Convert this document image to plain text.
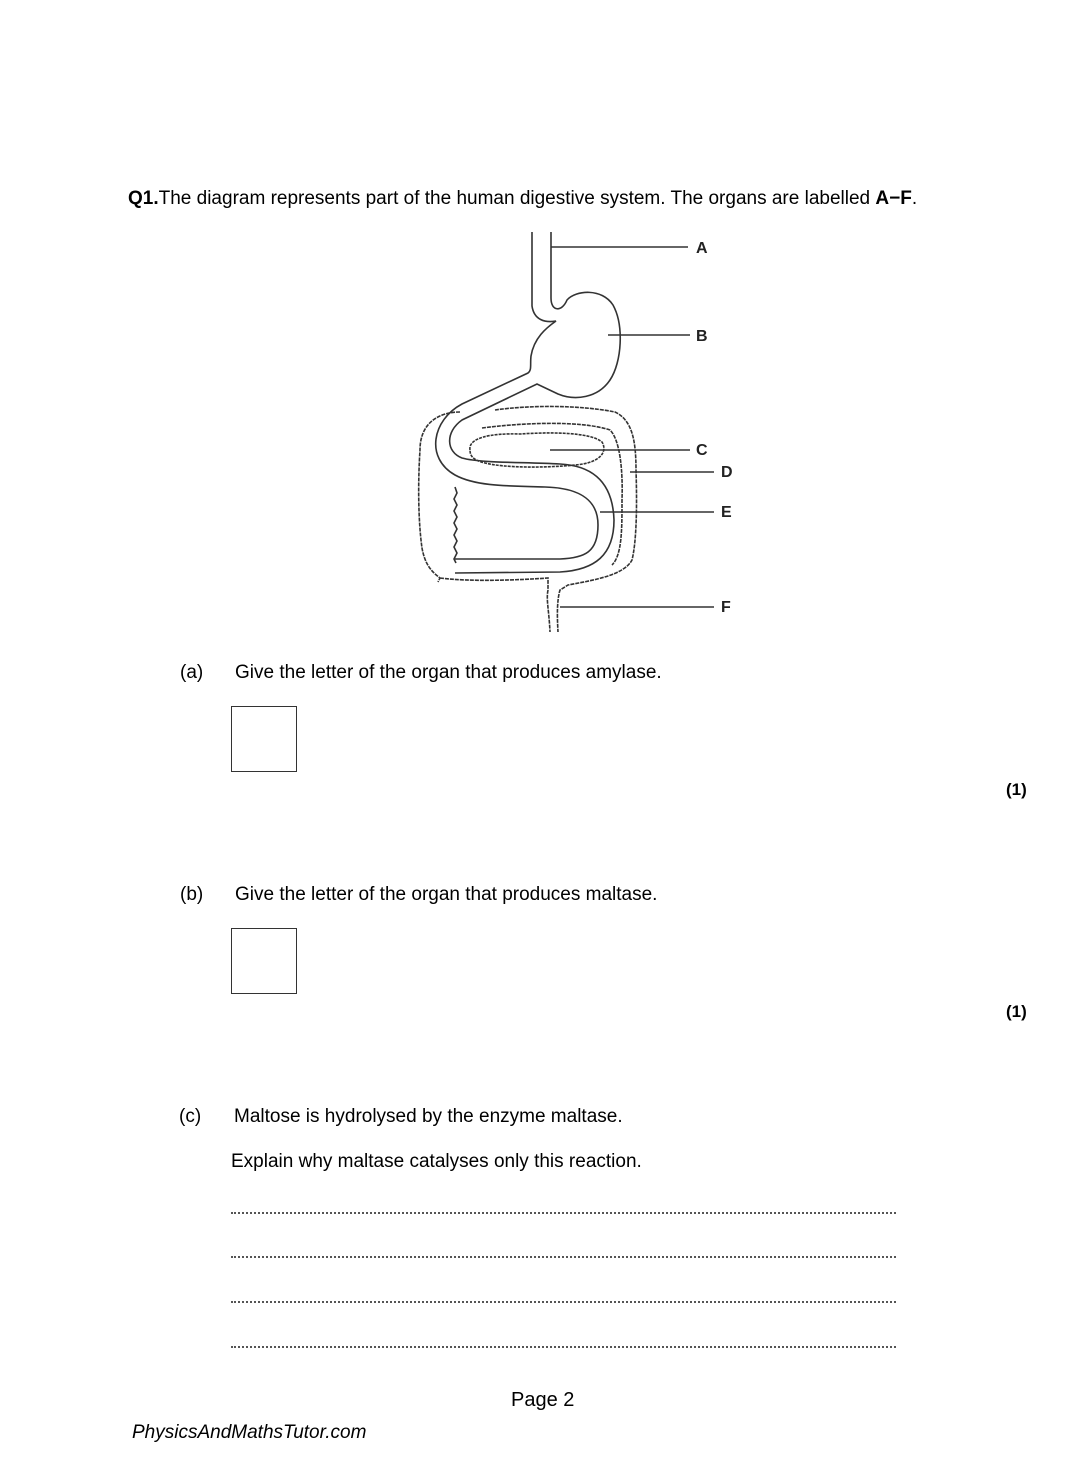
Q1.The diagram represents part of the human digestive system. The organs are labelled A−F.
A
B
C
D
E
F
(a) Give the letter of the organ that produces amylase.
(1)
(b) Give the letter of the organ that produces maltase.
(1)
(c) Maltose is hydrolysed by the enzyme maltase.
Explain why maltase catalyses only this reaction.
Page 2
PhysicsAndMathsTutor.com
